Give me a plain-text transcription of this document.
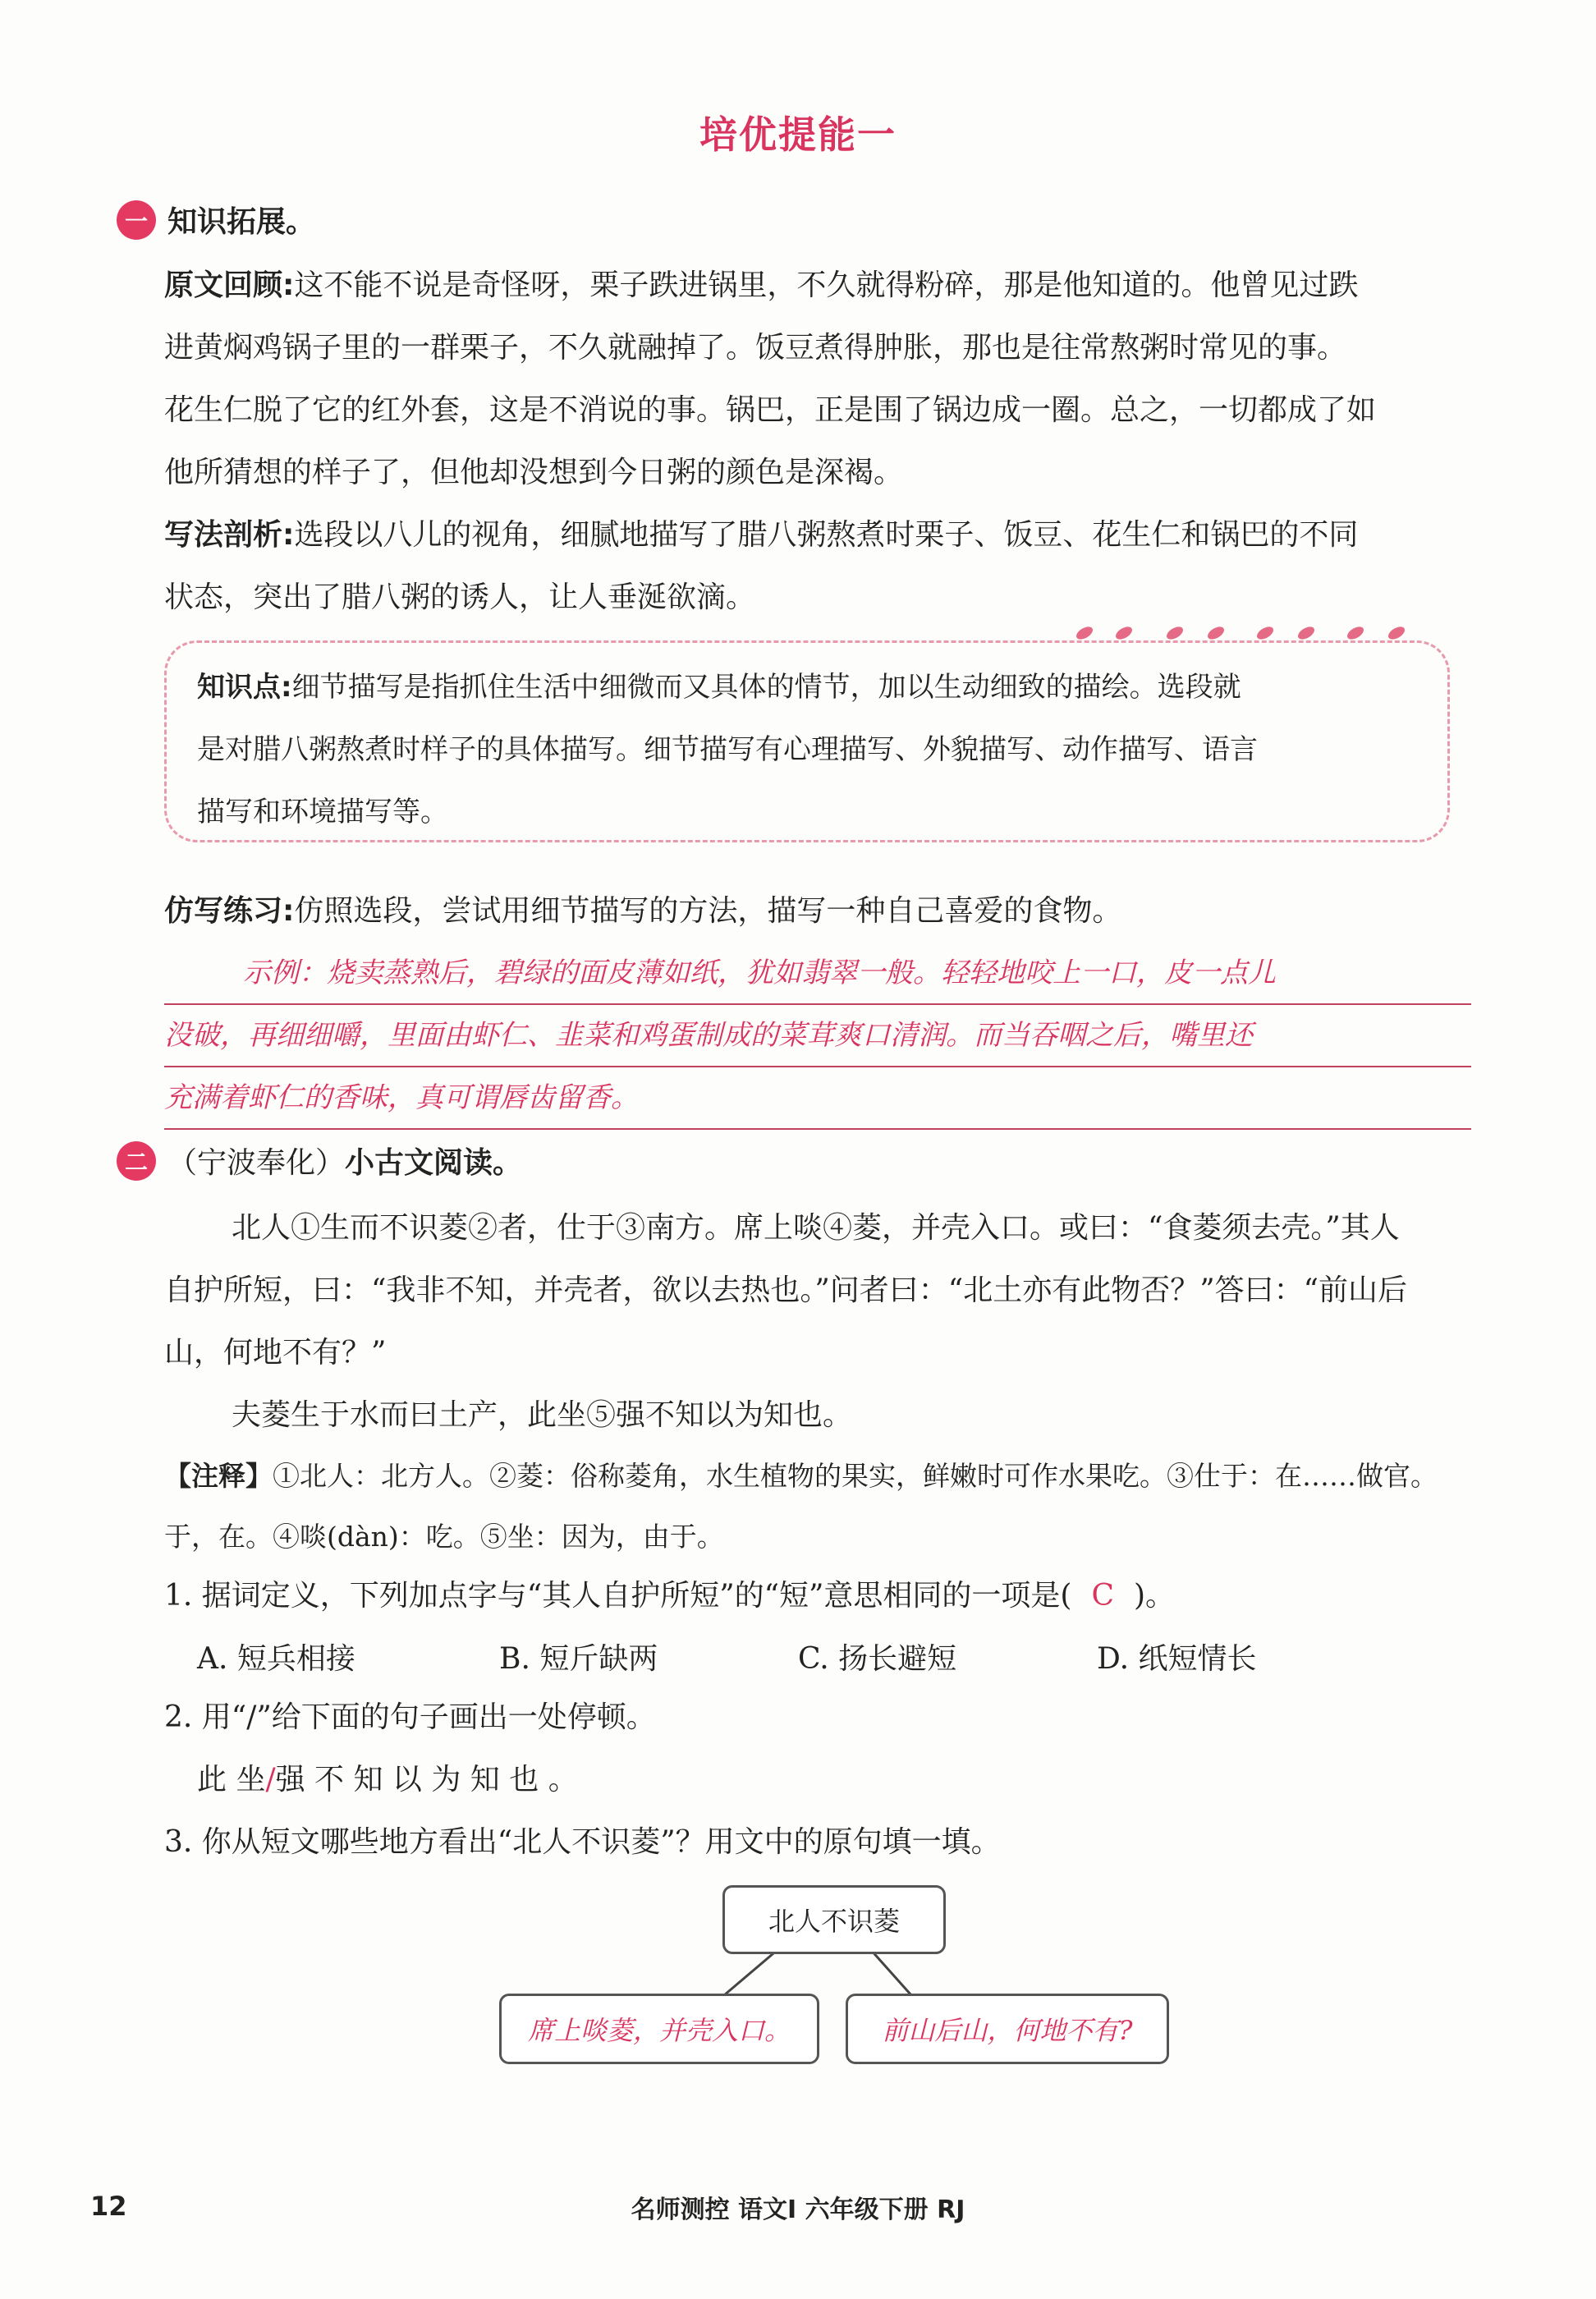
培优提能一
一 知识拓展。
原文回顾:这不能不说是奇怪呀，栗子跌进锅里，不久就得粉碎，那是他知道的。他曾见过跌
进黄焖鸡锅子里的一群栗子，不久就融掉了。饭豆煮得肿胀，那也是往常熬粥时常见的事。
花生仁脱了它的红外套，这是不消说的事。锅巴，正是围了锅边成一圈。总之，一切都成了如
他所猜想的样子了，但他却没想到今日粥的颜色是深褐。
写法剖析:选段以八儿的视角，细腻地描写了腊八粥熬煮时栗子、饭豆、花生仁和锅巴的不同
状态，突出了腊八粥的诱人，让人垂涎欲滴。
知识点:细节描写是指抓住生活中细微而又具体的情节，加以生动细致的描绘。选段就
是对腊八粥熬煮时样子的具体描写。细节描写有心理描写、外貌描写、动作描写、语言
描写和环境描写等。
仿写练习:仿照选段，尝试用细节描写的方法，描写一种自己喜爱的食物。
示例：烧卖蒸熟后，碧绿的面皮薄如纸，犹如翡翠一般。轻轻地咬上一口，皮一点儿
没破，再细细嚼，里面由虾仁、韭菜和鸡蛋制成的菜茸爽口清润。而当吞咽之后，嘴里还
充满着虾仁的香味，真可谓唇齿留香。
二 （宁波奉化） 小古文阅读。
北人①生而不识菱②者，仕于③南方。席上啖④菱，并壳入口。或曰：“食菱须去壳。”其人
自护所短，曰：“我非不知，并壳者，欲以去热也。”问者曰：“北土亦有此物否？”答曰：“前山后
山，何地不有？”
夫菱生于水而曰土产，此坐⑤强不知以为知也。
【注释】①北人：北方人。②菱：俗称菱角，水生植物的果实，鲜嫩时可作水果吃。③仕于：在……做官。
于，在。④啖(dàn)：吃。⑤坐：因为，由于。
1. 据词定义，下列加点字与“其人自护所短”的“短”意思相同的一项是( C )。
A. 短兵相接	B. 短斤缺两	C. 扬长避短	D. 纸短情长
2. 用“/”给下面的句子画出一处停顿。
此 坐/强 不 知 以 为 知 也 。
3. 你从短文哪些地方看出“北人不识菱”？用文中的原句填一填。
北人不识菱
席上啖菱，并壳入口。	前山后山，何地不有?
12	名师测控 语文Ⅰ 六年级下册 RJ
